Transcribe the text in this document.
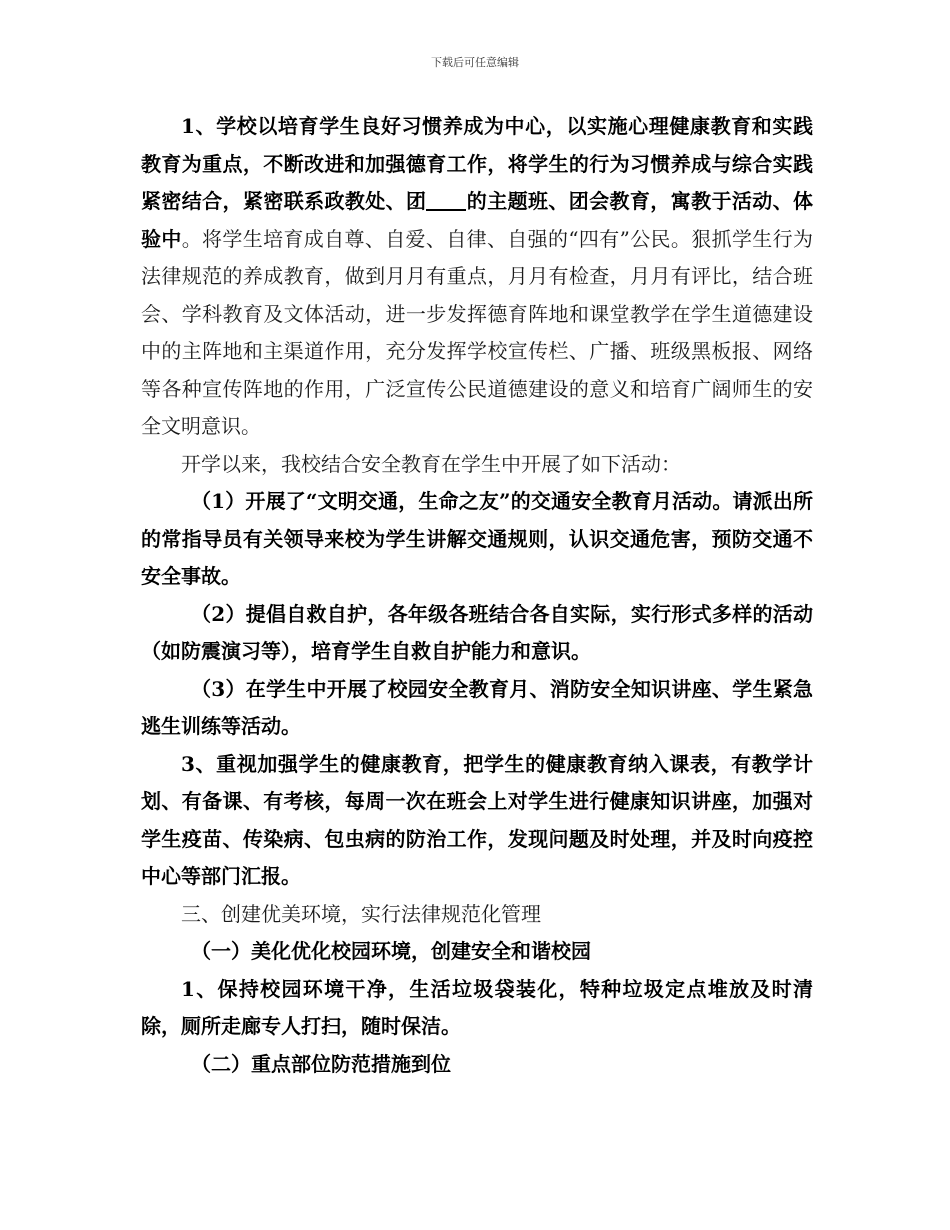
下载后可任意编辑

1、学校以培育学生良好习惯养成为中心，以实施心理健康教育和实践教育为重点，不断改进和加强德育工作，将学生的行为习惯养成与综合实践紧密结合，紧密联系政教处、团 的主题班、团会教育，寓教于活动、体验中。将学生培育成自尊、自爱、自律、自强的“四有”公民。狠抓学生行为法律规范的养成教育，做到月月有重点，月月有检查，月月有评比，结合班会、学科教育及文体活动，进一步发挥德育阵地和课堂教学在学生道德建设中的主阵地和主渠道作用，充分发挥学校宣传栏、广播、班级黑板报、网络等各种宣传阵地的作用，广泛宣传公民道德建设的意义和培育广阔师生的安全文明意识。

开学以来，我校结合安全教育在学生中开展了如下活动：

（1）开展了“文明交通，生命之友”的交通安全教育月活动。请派出所的常指导员有关领导来校为学生讲解交通规则，认识交通危害，预防交通不安全事故。

（2）提倡自救自护，各年级各班结合各自实际，实行形式多样的活动（如防震演习等），培育学生自救自护能力和意识。

（3）在学生中开展了校园安全教育月、消防安全知识讲座、学生紧急逃生训练等活动。

3、重视加强学生的健康教育，把学生的健康教育纳入课表，有教学计划、有备课、有考核，每周一次在班会上对学生进行健康知识讲座，加强对学生疫苗、传染病、包虫病的防治工作，发现问题及时处理，并及时向疫控中心等部门汇报。

三、创建优美环境，实行法律规范化管理

（一）美化优化校园环境，创建安全和谐校园

1、保持校园环境干净，生活垃圾袋装化，特种垃圾定点堆放及时清除，厕所走廊专人打扫，随时保洁。

（二）重点部位防范措施到位
